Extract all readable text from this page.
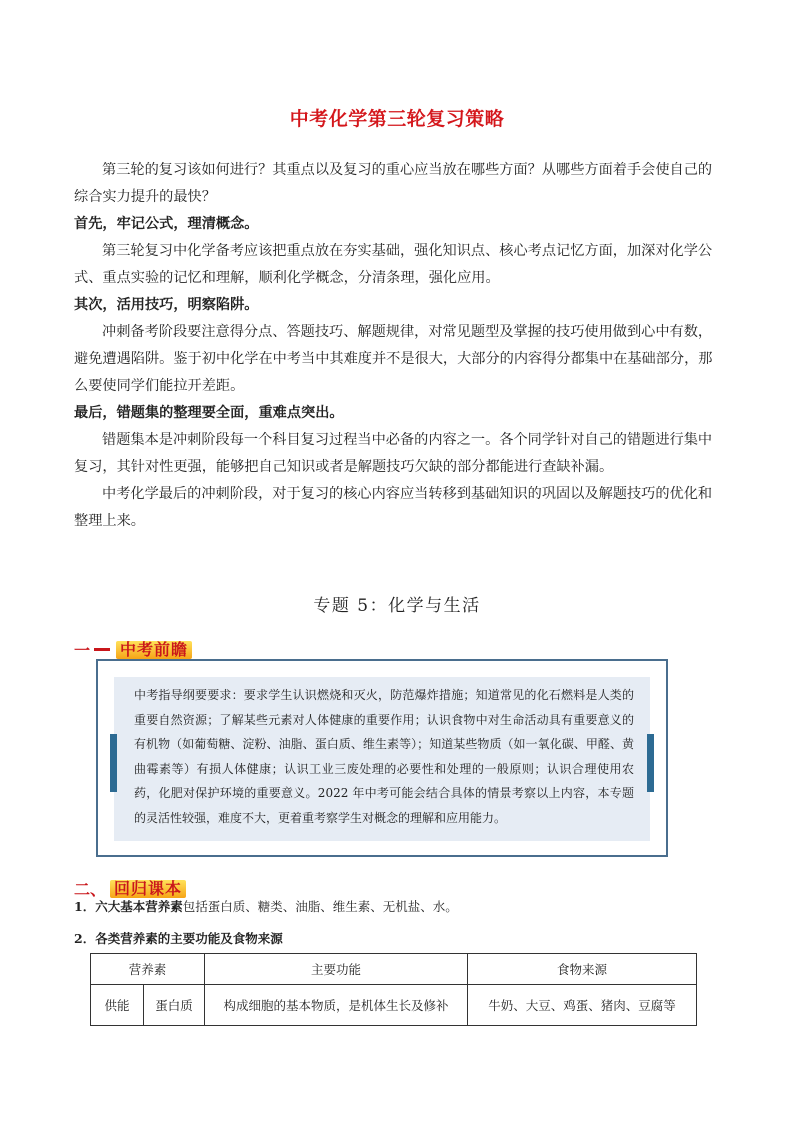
中考化学第三轮复习策略
第三轮的复习该如何进行？其重点以及复习的重心应当放在哪些方面？从哪些方面着手会使自己的综合实力提升的最快？
首先，牢记公式，理清概念。
第三轮复习中化学备考应该把重点放在夯实基础，强化知识点、核心考点记忆方面，加深对化学公式、重点实验的记忆和理解，顺利化学概念，分清条理，强化应用。
其次，活用技巧，明察陷阱。
冲刺备考阶段要注意得分点、答题技巧、解题规律，对常见题型及掌握的技巧使用做到心中有数，避免遭遇陷阱。鉴于初中化学在中考当中其难度并不是很大，大部分的内容得分都集中在基础部分，那么要使同学们能拉开差距。
最后，错题集的整理要全面，重难点突出。
错题集本是冲刺阶段每一个科目复习过程当中必备的内容之一。各个同学针对自己的错题进行集中复习，其针对性更强，能够把自己知识或者是解题技巧欠缺的部分都能进行查缺补漏。
中考化学最后的冲刺阶段，对于复习的核心内容应当转移到基础知识的巩固以及解题技巧的优化和整理上来。
专题 5：化学与生活
一 中考前瞻
中考指导纲要要求：要求学生认识燃烧和灭火，防范爆炸措施；知道常见的化石燃料是人类的重要自然资源；了解某些元素对人体健康的重要作用；认识食物中对生命活动具有重要意义的有机物（如葡萄糖、淀粉、油脂、蛋白质、维生素等）；知道某些物质（如一氧化碳、甲醛、黄曲霉素等）有损人体健康；认识工业三废处理的必要性和处理的一般原则；认识合理使用农药，化肥对保护环境的重要意义。2022 年中考可能会结合具体的情景考察以上内容，本专题的灵活性较强，难度不大，更着重考察学生对概念的理解和应用能力。
二、 回归课本
1．六大基本营养素包括蛋白质、糖类、油脂、维生素、无机盐、水。
2．各类营养素的主要功能及食物来源
营养素		主要功能	食物来源
供能	蛋白质	构成细胞的基本物质，是机体生长及修补	牛奶、大豆、鸡蛋、猪肉、豆腐等
